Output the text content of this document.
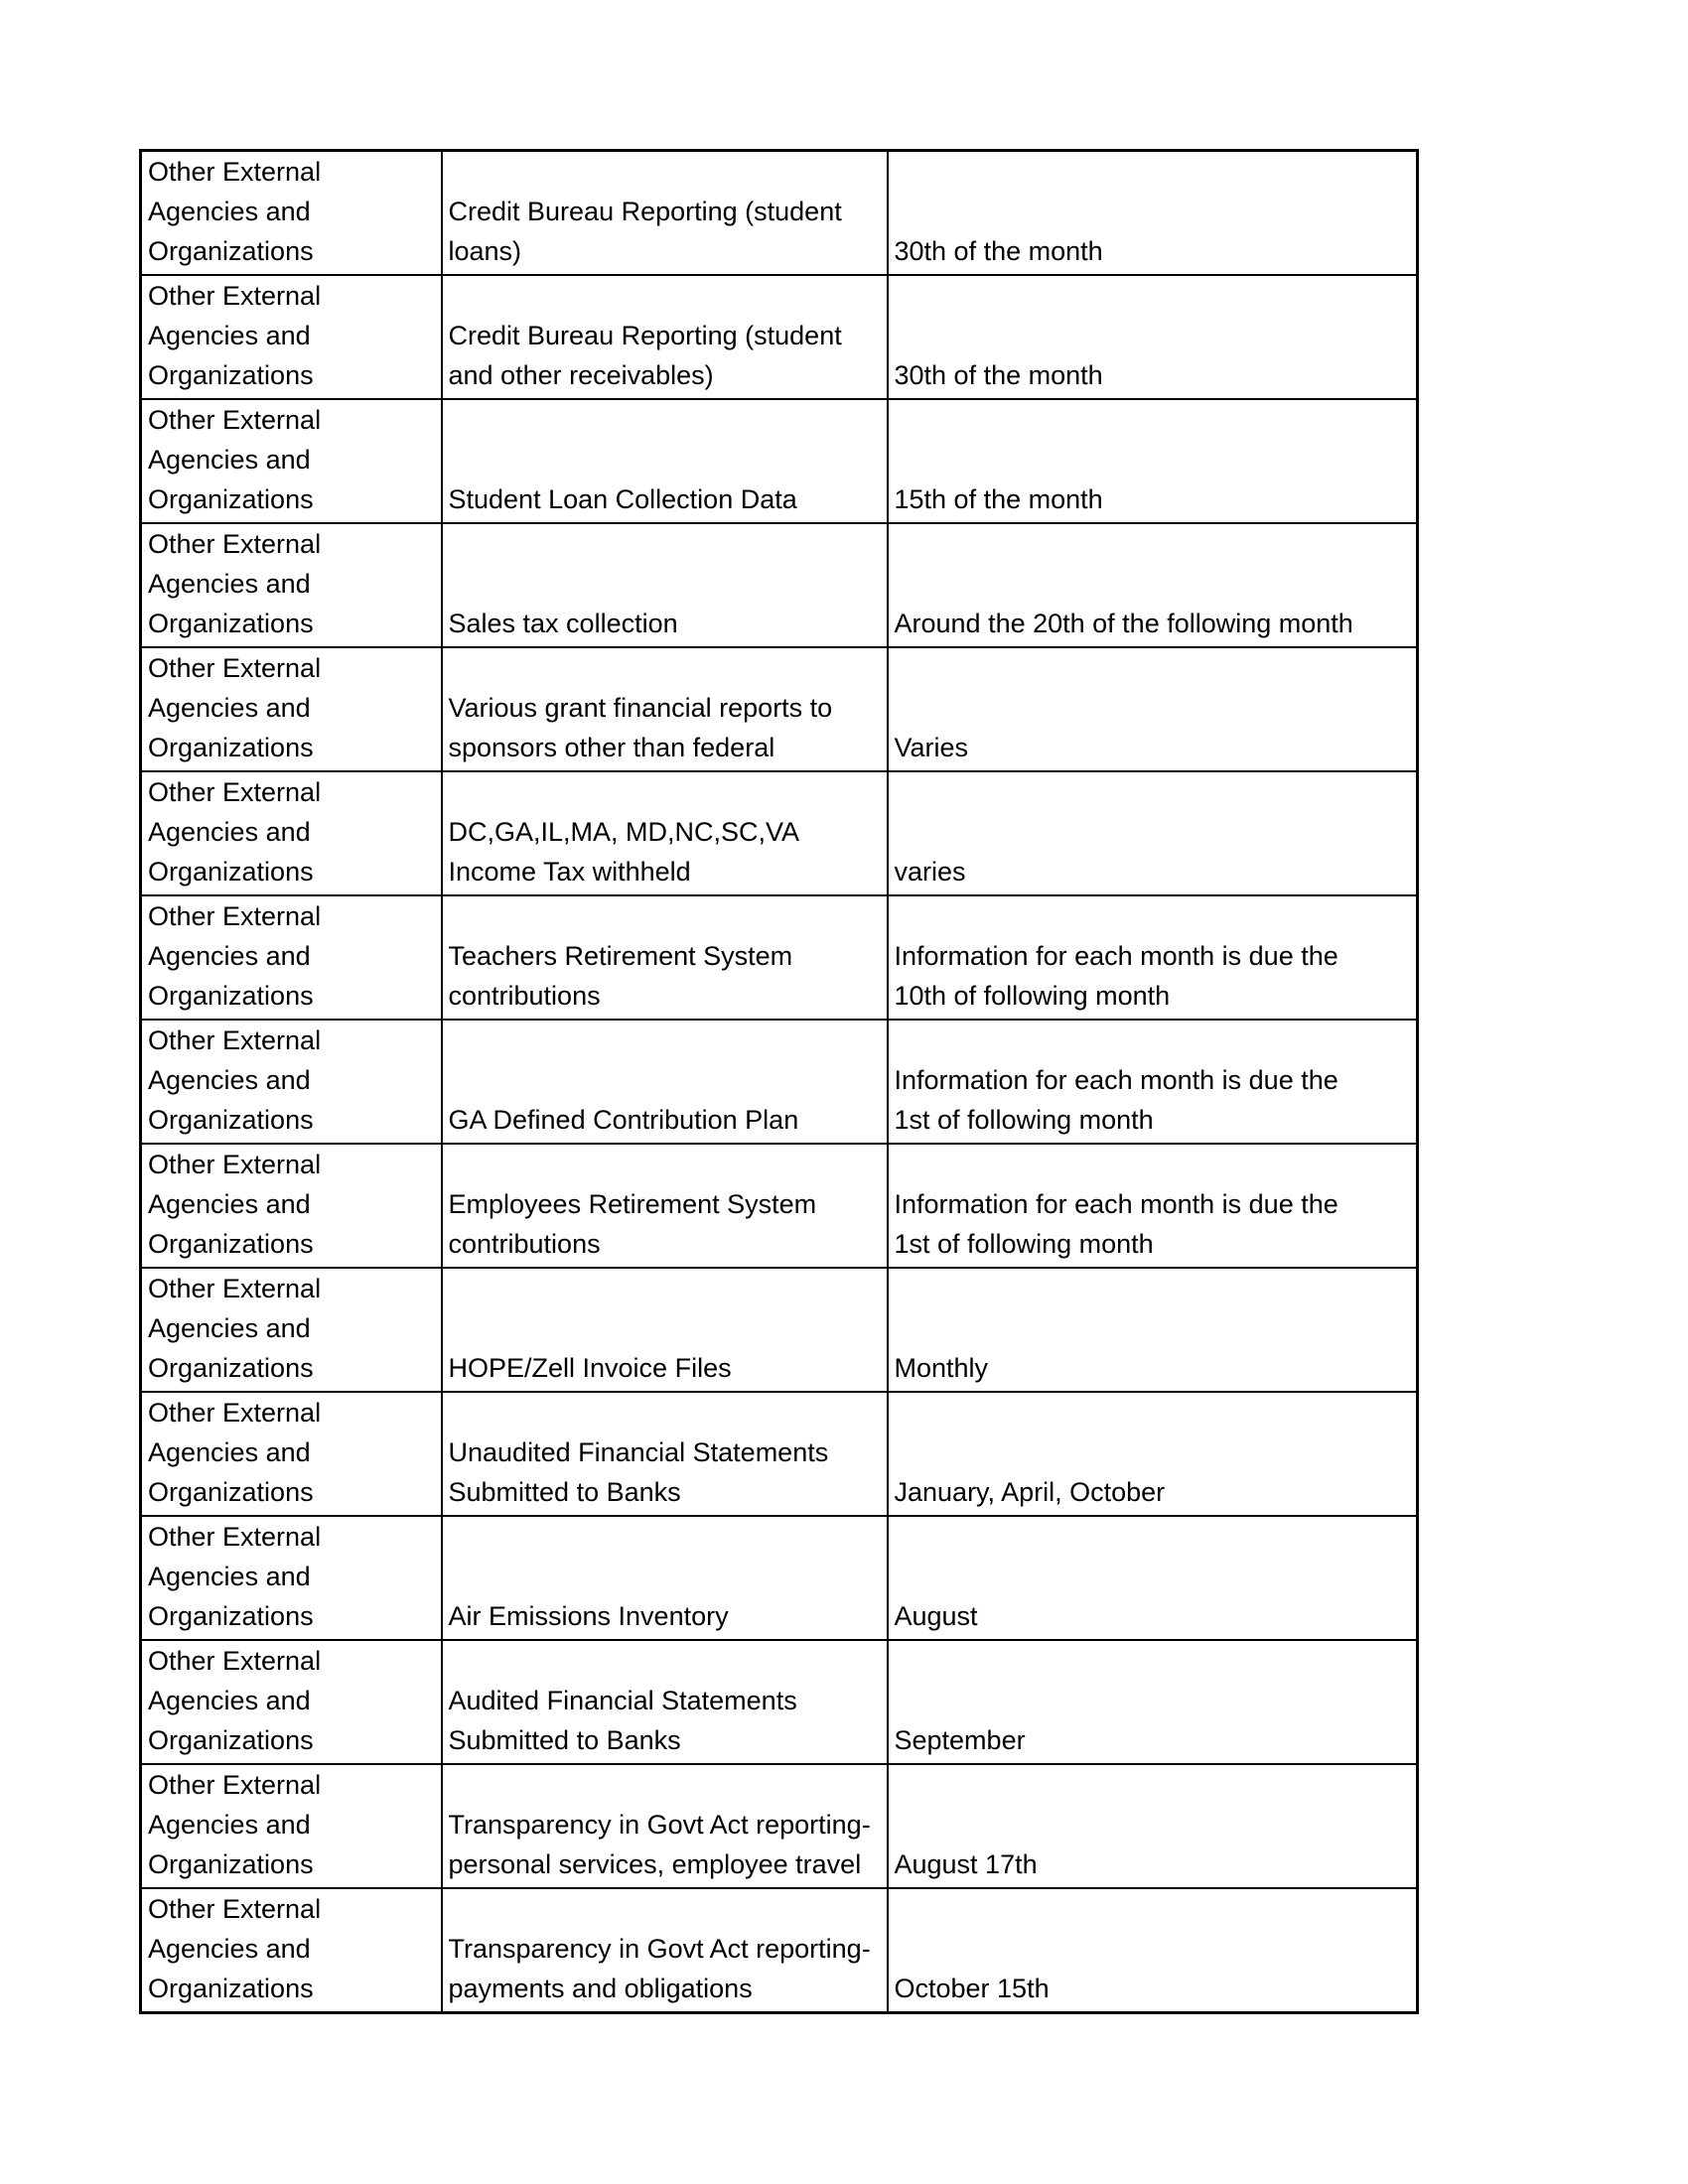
Other External
Agencies and
Organizations	Credit Bureau Reporting (student
loans)	30th of the month
Other External
Agencies and
Organizations	Credit Bureau Reporting (student
and other receivables)	30th of the month
Other External
Agencies and
Organizations	Student Loan Collection Data	15th of the month
Other External
Agencies and
Organizations	Sales tax collection	Around the 20th of the following month
Other External
Agencies and
Organizations	Various grant financial reports to
sponsors other than federal	Varies
Other External
Agencies and
Organizations	DC,GA,IL,MA, MD,NC,SC,VA
Income Tax withheld	varies
Other External
Agencies and
Organizations	Teachers Retirement System
contributions	Information for each month is due the
10th of following month
Other External
Agencies and
Organizations	GA Defined Contribution Plan	Information for each month is due the
1st of following month
Other External
Agencies and
Organizations	Employees Retirement System
contributions	Information for each month is due the
1st of following month
Other External
Agencies and
Organizations	HOPE/Zell Invoice Files	Monthly
Other External
Agencies and
Organizations	Unaudited Financial Statements
Submitted to Banks	January, April, October
Other External
Agencies and
Organizations	Air Emissions Inventory	August
Other External
Agencies and
Organizations	Audited Financial Statements
Submitted to Banks	September
Other External
Agencies and
Organizations	Transparency in Govt Act reporting-
personal services, employee travel	August 17th
Other External
Agencies and
Organizations	Transparency in Govt Act reporting-
payments and obligations	October 15th
